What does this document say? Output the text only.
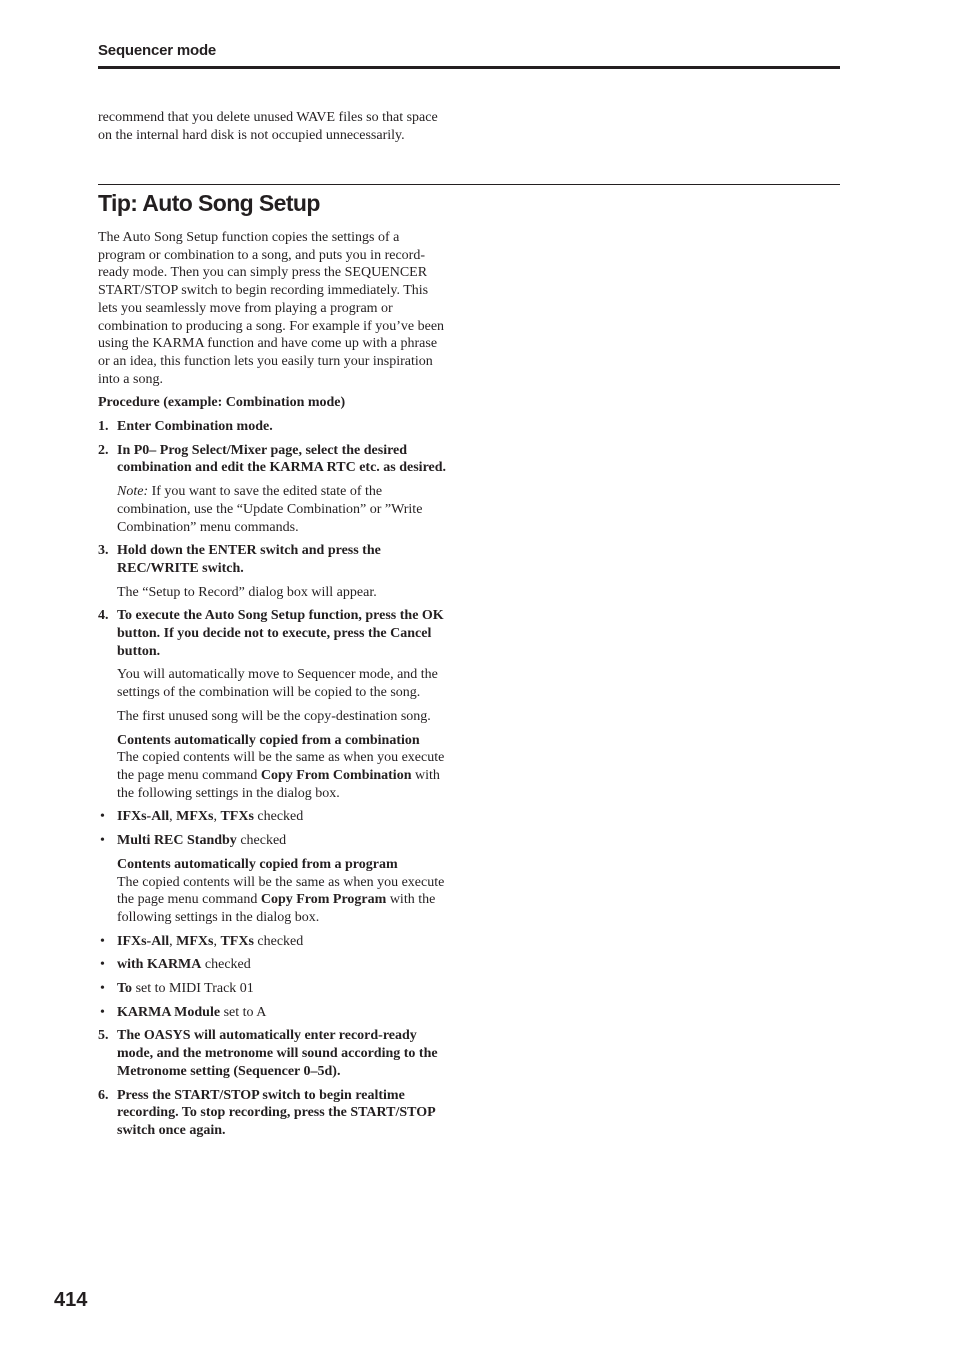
Sequencer mode

recommend that you delete unused WAVE files so that space on the internal hard disk is not occupied unnecessarily.

Tip: Auto Song Setup

The Auto Song Setup function copies the settings of a program or combination to a song, and puts you in record-ready mode. Then you can simply press the SEQUENCER START/STOP switch to begin recording immediately. This lets you seamlessly move from playing a program or combination to producing a song. For example if you’ve been using the KARMA function and have come up with a phrase or an idea, this function lets you easily turn your inspiration into a song.

Procedure (example: Combination mode)

1. Enter Combination mode.
2. In P0– Prog Select/Mixer page, select the desired combination and edit the KARMA RTC etc. as desired.

Note: If you want to save the edited state of the combination, use the “Update Combination” or ”Write Combination” menu commands.

3. Hold down the ENTER switch and press the REC/WRITE switch.

The “Setup to Record” dialog box will appear.

4. To execute the Auto Song Setup function, press the OK button. If you decide not to execute, press the Cancel button.

You will automatically move to Sequencer mode, and the settings of the combination will be copied to the song.

The first unused song will be the copy-destination song.

Contents automatically copied from a combination
The copied contents will be the same as when you execute the page menu command Copy From Combination with the following settings in the dialog box.

• IFXs-All, MFXs, TFXs checked
• Multi REC Standby checked

Contents automatically copied from a program
The copied contents will be the same as when you execute the page menu command Copy From Program with the following settings in the dialog box.

• IFXs-All, MFXs, TFXs checked
• with KARMA checked
• To set to MIDI Track 01
• KARMA Module set to A
5. The OASYS will automatically enter record-ready mode, and the metronome will sound according to the Metronome setting (Sequencer 0–5d).
6. Press the START/STOP switch to begin realtime recording. To stop recording, press the START/STOP switch once again.
414
